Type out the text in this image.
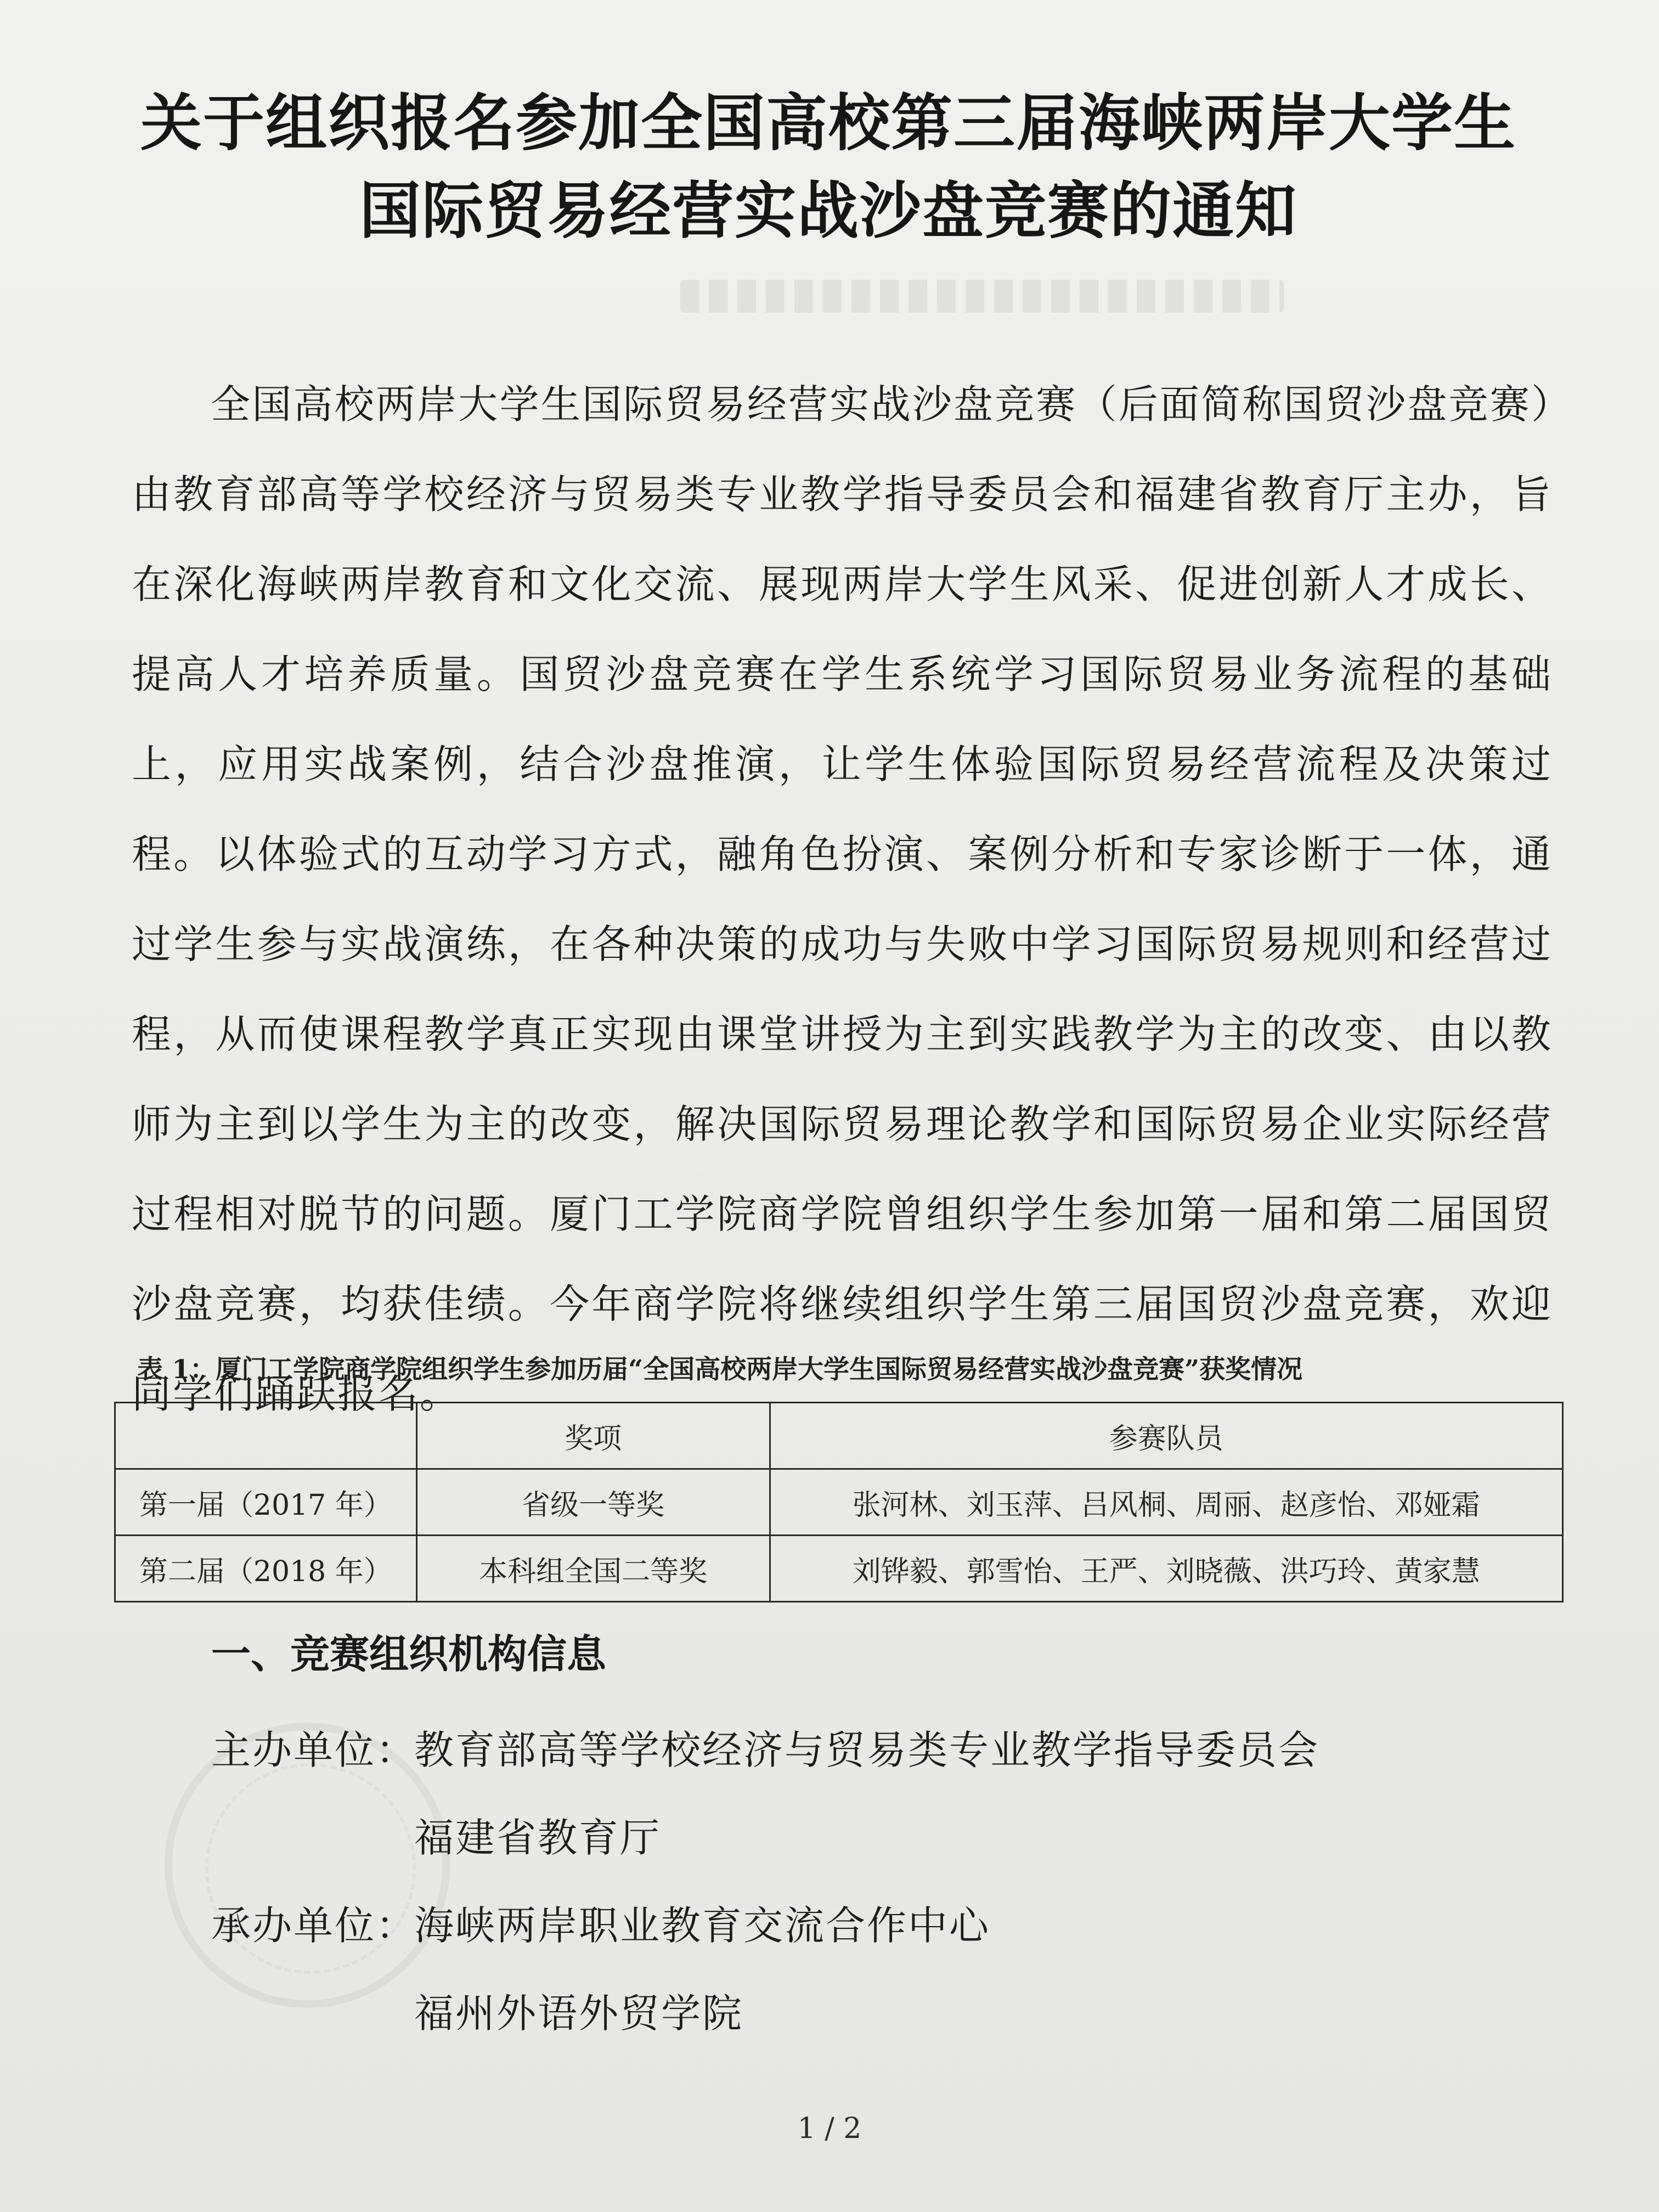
关于组织报名参加全国高校第三届海峡两岸大学生
国际贸易经营实战沙盘竞赛的通知
全国高校两岸大学生国际贸易经营实战沙盘竞赛（后面简称国贸沙盘竞赛）由教育部高等学校经济与贸易类专业教学指导委员会和福建省教育厅主办，旨在深化海峡两岸教育和文化交流、展现两岸大学生风采、促进创新人才成长、提高人才培养质量。国贸沙盘竞赛在学生系统学习国际贸易业务流程的基础上，应用实战案例，结合沙盘推演，让学生体验国际贸易经营流程及决策过程。以体验式的互动学习方式，融角色扮演、案例分析和专家诊断于一体，通过学生参与实战演练，在各种决策的成功与失败中学习国际贸易规则和经营过程，从而使课程教学真正实现由课堂讲授为主到实践教学为主的改变、由以教师为主到以学生为主的改变，解决国际贸易理论教学和国际贸易企业实际经营过程相对脱节的问题。厦门工学院商学院曾组织学生参加第一届和第二届国贸沙盘竞赛，均获佳绩。今年商学院将继续组织学生第三届国贸沙盘竞赛，欢迎同学们踊跃报名。
表 1：厦门工学院商学院组织学生参加历届“全国高校两岸大学生国际贸易经营实战沙盘竞赛”获奖情况
	奖项	参赛队员
第一届（2017 年）	省级一等奖	张河林、刘玉萍、吕风桐、周丽、赵彦怡、邓娅霜
第二届（2018 年）	本科组全国二等奖	刘铧毅、郭雪怡、王严、刘晓薇、洪巧玲、黄家慧
一、竞赛组织机构信息
主办单位：
教育部高等学校经济与贸易类专业教学指导委员会
福建省教育厅
承办单位：
海峡两岸职业教育交流合作中心
福州外语外贸学院
1 / 2
